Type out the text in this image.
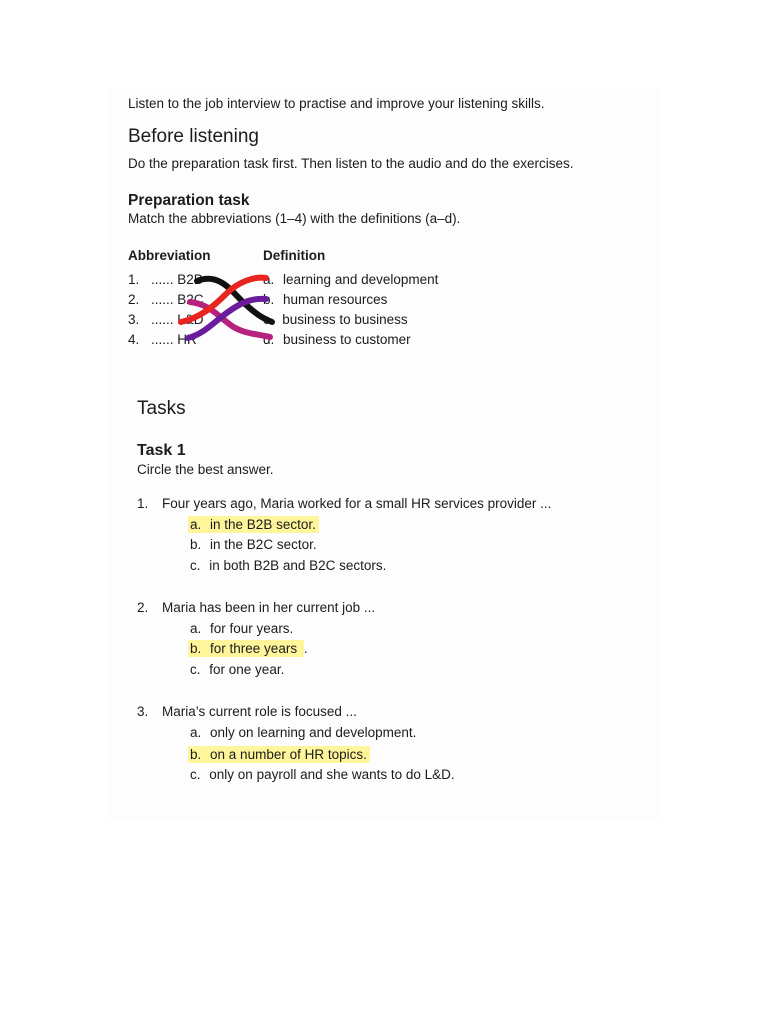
Listen to the job interview to practise and improve your listening skills.
Before listening
Do the preparation task first. Then listen to the audio and do the exercises.
Preparation task
Match the abbreviations (1–4) with the definitions (a–d).
Abbreviation	Definition
1. ...... B2B
2. ...... B2C
3. ...... L&D
4. ...... HR
a. learning and development
b. human resources
c. business to business
d. business to customer
Tasks
Task 1
Circle the best answer.
1. Four years ago, Maria worked for a small HR services provider ...
a. in the B2B sector.
b. in the B2C sector.
c. in both B2B and B2C sectors.
2. Maria has been in her current job ...
a. for four years.
b. for three years .
c. for one year.
3. Maria’s current role is focused ...
a. only on learning and development.
b. on a number of HR topics.
c. only on payroll and she wants to do L&D.
